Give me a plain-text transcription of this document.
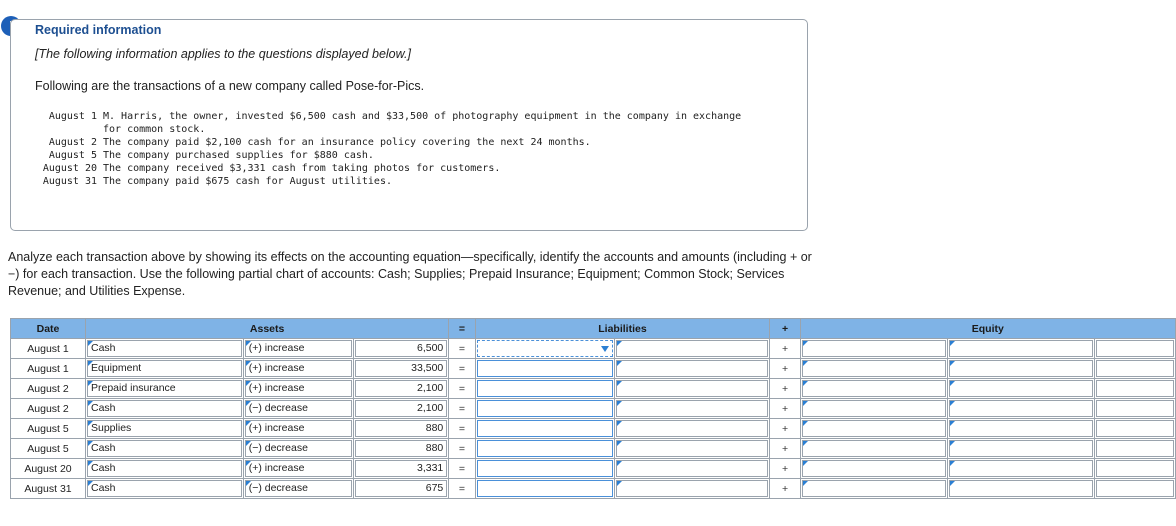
Required information
[The following information applies to the questions displayed below.]
Following are the transactions of a new company called Pose-for-Pics.
August 1 M. Harris, the owner, invested $6,500 cash and $33,500 of photography equipment in the company in exchange for common stock.
August 2 The company paid $2,100 cash for an insurance policy covering the next 24 months.
August 5 The company purchased supplies for $880 cash.
August 20 The company received $3,331 cash from taking photos for customers.
August 31 The company paid $675 cash for August utilities.
Analyze each transaction above by showing its effects on the accounting equation—specifically, identify the accounts and amounts (including + or −) for each transaction. Use the following partial chart of accounts: Cash; Supplies; Prepaid Insurance; Equipment; Common Stock; Services Revenue; and Utilities Expense.
Date	Assets			=	Liabilities		+	Equity		
August 1	Cash	(+) increase	6,500	=			+	

August 1	Equipment	(+) increase	33,500	=			+	

August 2	Prepaid insurance	(+) increase	2,100	=			+	

August 2	Cash	(−) decrease	2,100	=			+	

August 5	Supplies	(+) increase	880	=			+	

August 5	Cash	(−) decrease	880	=			+	

August 20	Cash	(+) increase	3,331	=			+	

August 31	Cash	(−) decrease	675	=			+	
